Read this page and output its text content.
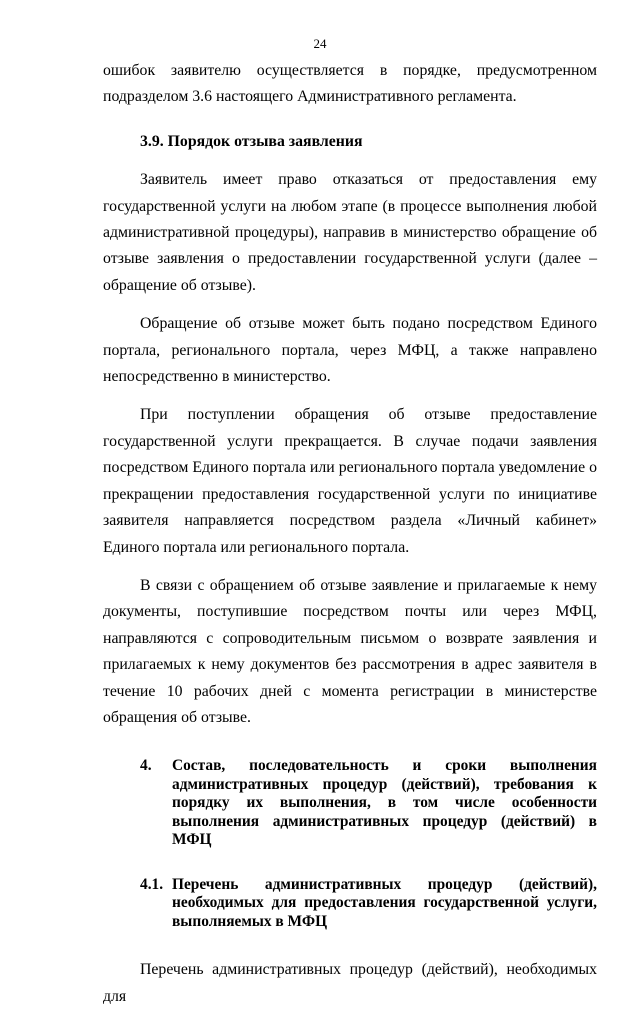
24

ошибок заявителю осуществляется в порядке, предусмотренном подразделом 3.6 настоящего Административного регламента.

3.9. Порядок отзыва заявления

Заявитель имеет право отказаться от предоставления ему государственной услуги на любом этапе (в процессе выполнения любой административной процедуры), направив в министерство обращение об отзыве заявления о предоставлении государственной услуги (далее – обращение об отзыве).

Обращение об отзыве может быть подано посредством Единого портала, регионального портала, через МФЦ, а также направлено непосредственно в министерство.

При поступлении обращения об отзыве предоставление государственной услуги прекращается. В случае подачи заявления посредством Единого портала или регионального портала уведомление о прекращении предоставления государственной услуги по инициативе заявителя направляется посредством раздела «Личный кабинет» Единого портала или регионального портала.

В связи с обращением об отзыве заявление и прилагаемые к нему документы, поступившие посредством почты или через МФЦ, направляются с сопроводительным письмом о возврате заявления и прилагаемых к нему документов без рассмотрения в адрес заявителя в течение 10 рабочих дней с момента регистрации в министерстве обращения об отзыве.

4.	Состав, последовательность и сроки выполнения административных процедур (действий), требования к порядку их выполнения, в том числе особенности выполнения административных процедур (действий) в МФЦ
4.1. Перечень административных процедур (действий), необходимых для предоставления государственной услуги, выполняемых в МФЦ

Перечень административных процедур (действий), необходимых для
